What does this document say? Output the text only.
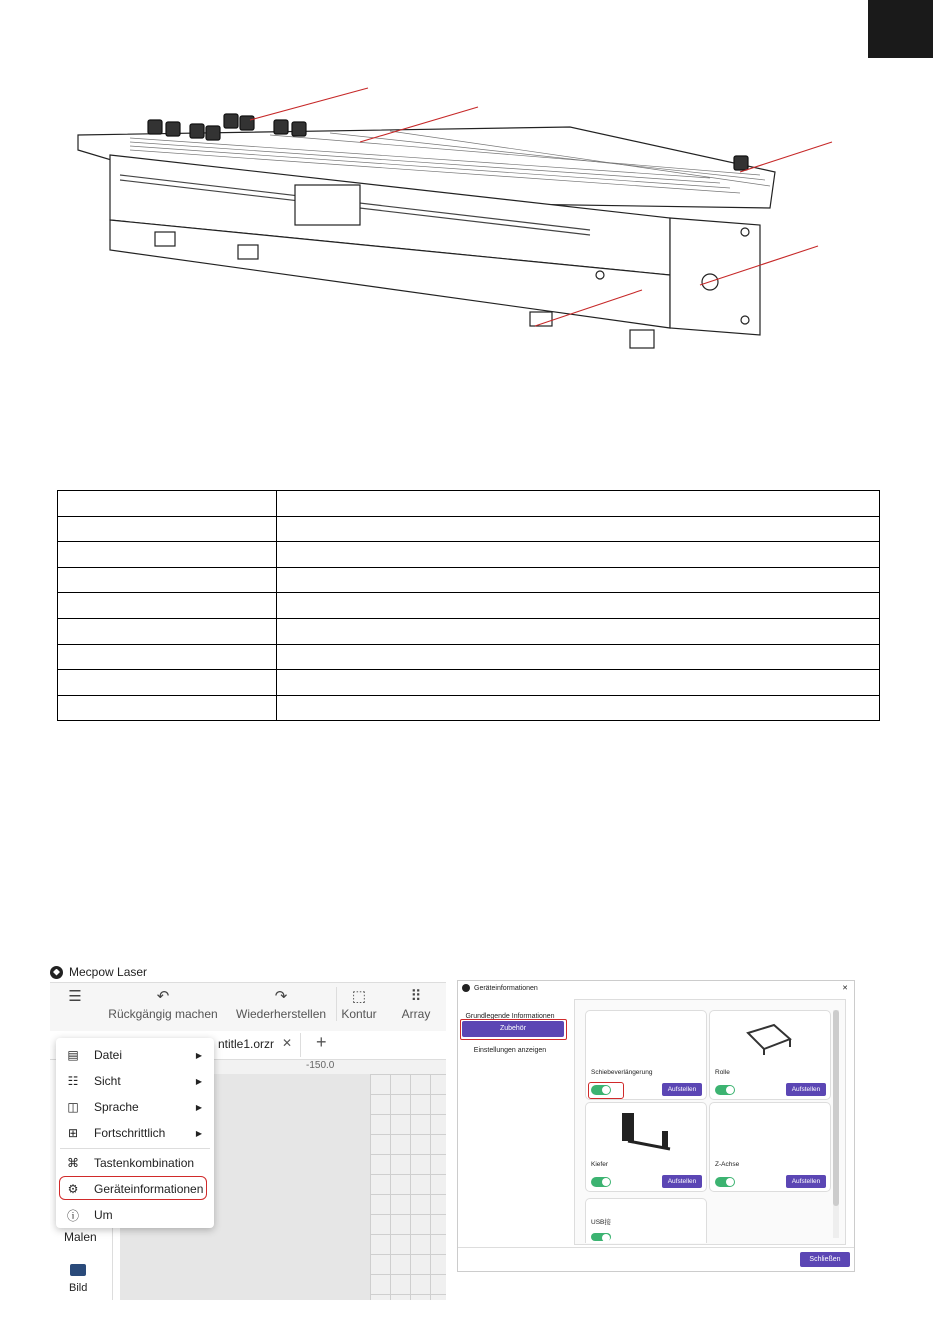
Mecpow Laser
☰	↶
Rückgängig machen
↷
Wiederherstellen
⬚
Kontur
⠿
Array
ntitle1.orzr ✕ +
Malen
Bild
-150.0
▤ Datei	▶
☷ Sicht	▶
◫ Sprache	▶
⊞ Fortschrittlich	▶
⌘ Tastenkombination
⚙ Geräteinformationen
ⓘ Um
Geräteinformationen	✕
Grundlegende Informationen
Zubehör
Einstellungen anzeigen
Schiebeverlängerung
Aufstellen
Rolle
Aufstellen
Kiefer
Aufstellen
Z-Achse
Aufstellen
USB接
Schließen
